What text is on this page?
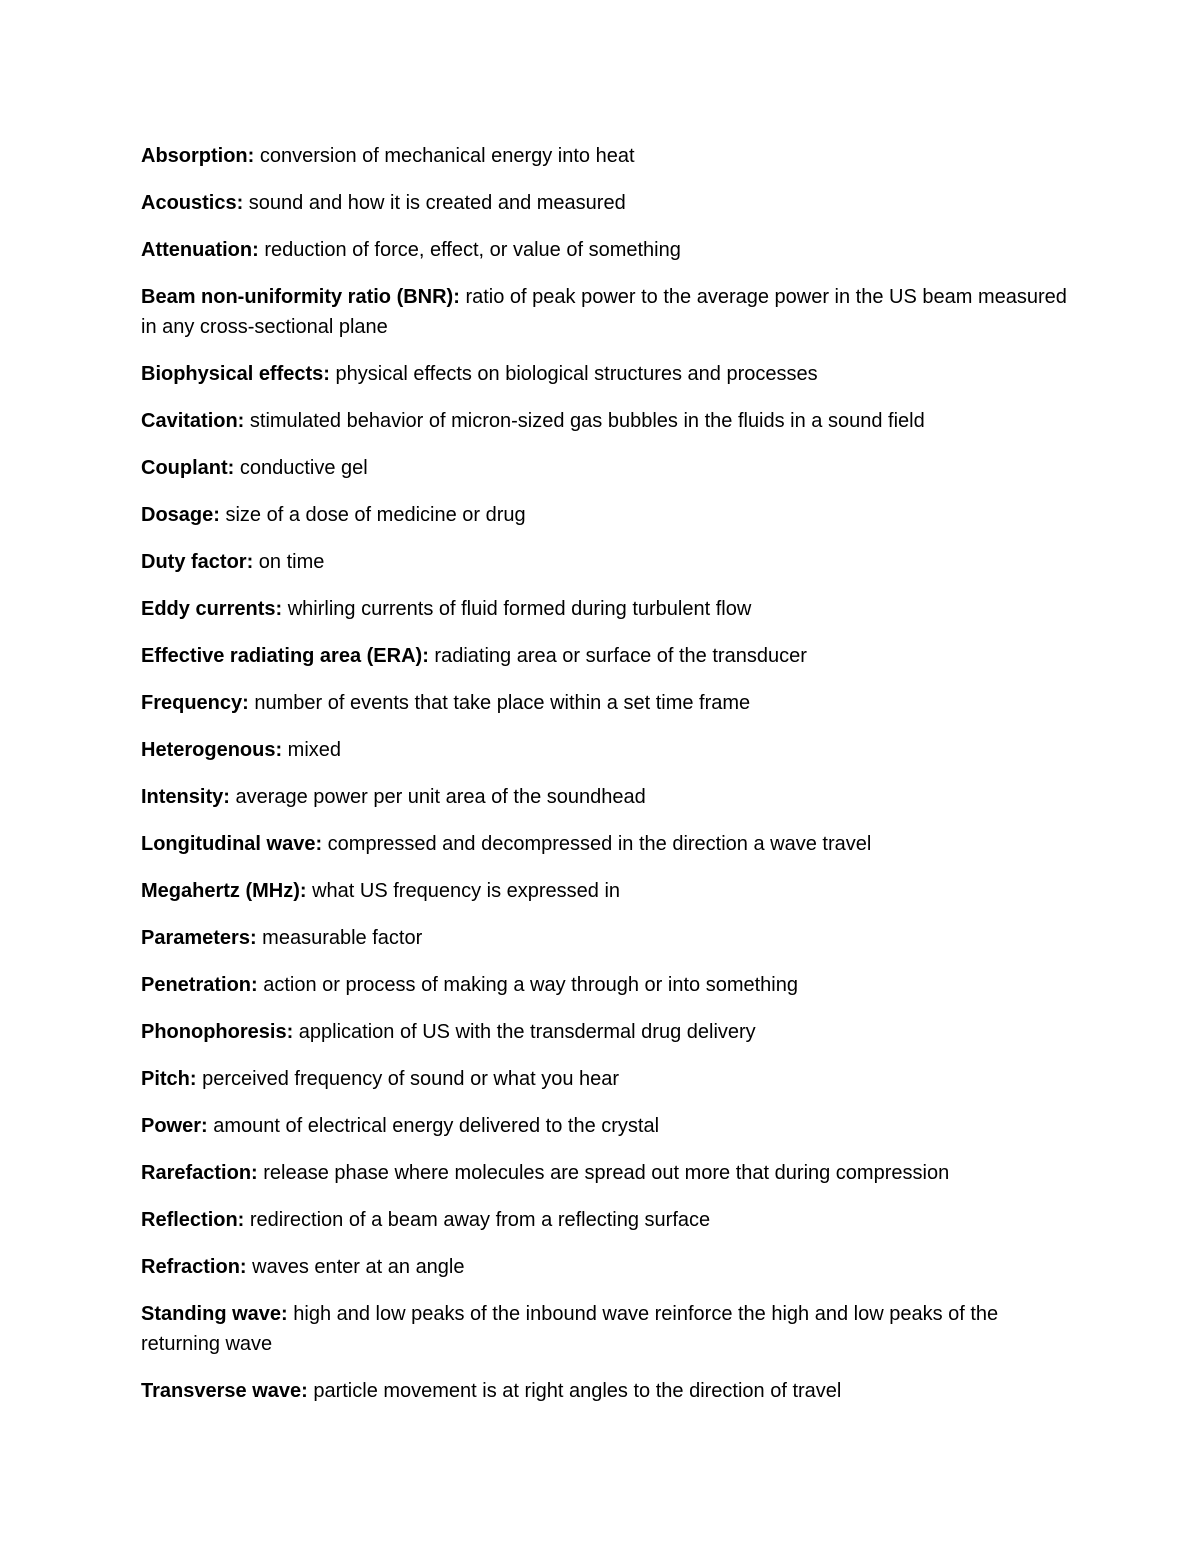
Absorption: conversion of mechanical energy into heat

Acoustics: sound and how it is created and measured

Attenuation: reduction of force, effect, or value of something

Beam non-uniformity ratio (BNR): ratio of peak power to the average power in the US beam measured in any cross-sectional plane

Biophysical effects: physical effects on biological structures and processes

Cavitation: stimulated behavior of micron-sized gas bubbles in the fluids in a sound field

Couplant: conductive gel

Dosage: size of a dose of medicine or drug

Duty factor: on time

Eddy currents: whirling currents of fluid formed during turbulent flow

Effective radiating area (ERA): radiating area or surface of the transducer

Frequency: number of events that take place within a set time frame

Heterogenous: mixed

Intensity: average power per unit area of the soundhead

Longitudinal wave: compressed and decompressed in the direction a wave travel

Megahertz (MHz): what US frequency is expressed in

Parameters: measurable factor

Penetration: action or process of making a way through or into something

Phonophoresis: application of US with the transdermal drug delivery

Pitch: perceived frequency of sound or what you hear

Power: amount of electrical energy delivered to the crystal

Rarefaction: release phase where molecules are spread out more that during compression

Reflection: redirection of a beam away from a reflecting surface

Refraction: waves enter at an angle

Standing wave: high and low peaks of the inbound wave reinforce the high and low peaks of the returning wave

Transverse wave: particle movement is at right angles to the direction of travel
